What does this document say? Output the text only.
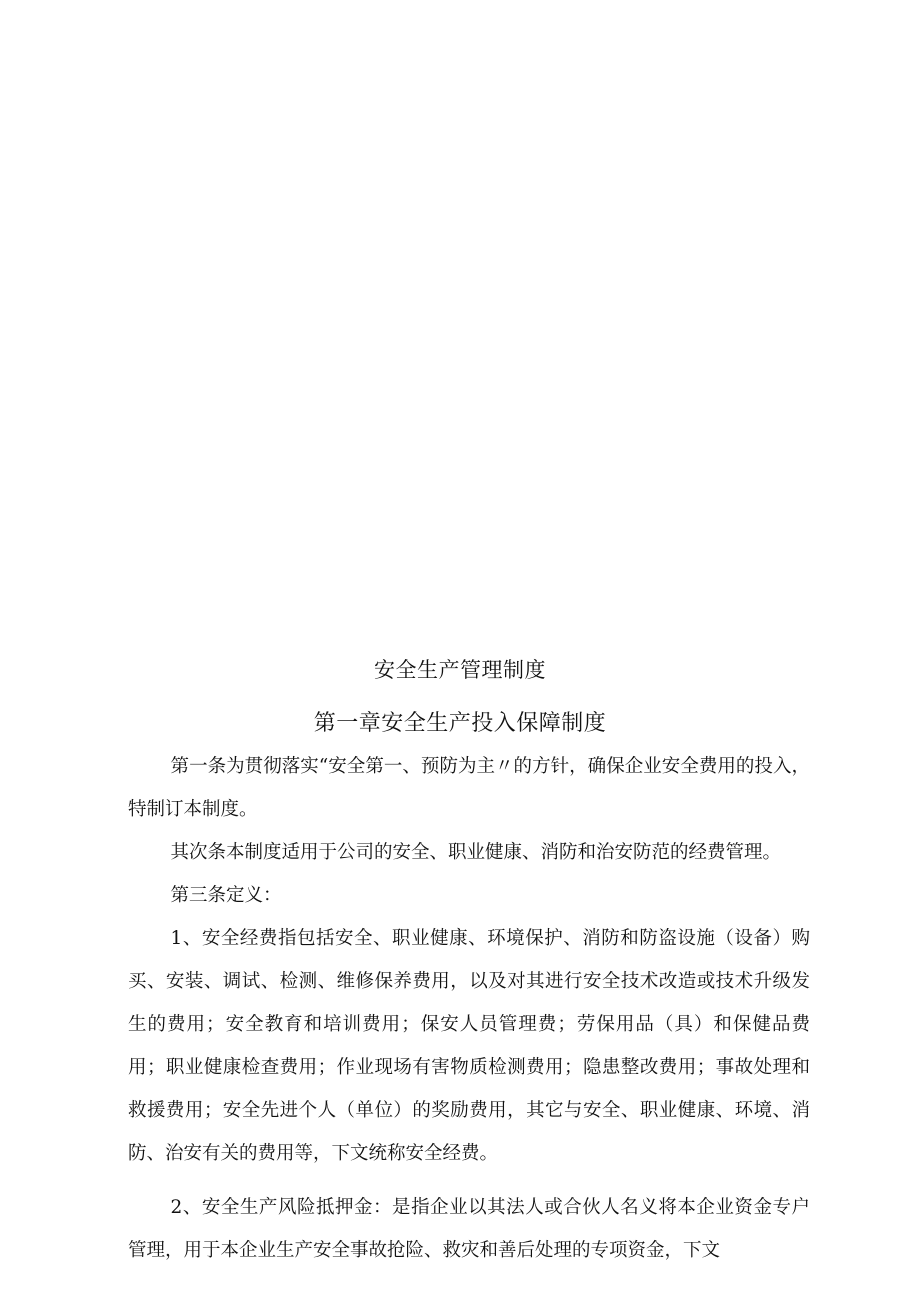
安全生产管理制度
第一章安全生产投入保障制度

第一条为贯彻落实“安全第一、预防为主〃的方针，确保企业安全费用的投入，特制订本制度。

其次条本制度适用于公司的安全、职业健康、消防和治安防范的经费管理。

第三条定义：

1、安全经费指包括安全、职业健康、环境保护、消防和防盗设施（设备）购买、安装、调试、检测、维修保养费用，以及对其进行安全技术改造或技术升级发生的费用；安全教育和培训费用；保安人员管理费；劳保用品（具）和保健品费用；职业健康检查费用；作业现场有害物质检测费用；隐患整改费用；事故处理和救援费用；安全先进个人（单位）的奖励费用，其它与安全、职业健康、环境、消防、治安有关的费用等，下文统称安全经费。

2、安全生产风险抵押金：是指企业以其法人或合伙人名义将本企业资金专户管理，用于本企业生产安全事故抢险、救灾和善后处理的专项资金，下文
